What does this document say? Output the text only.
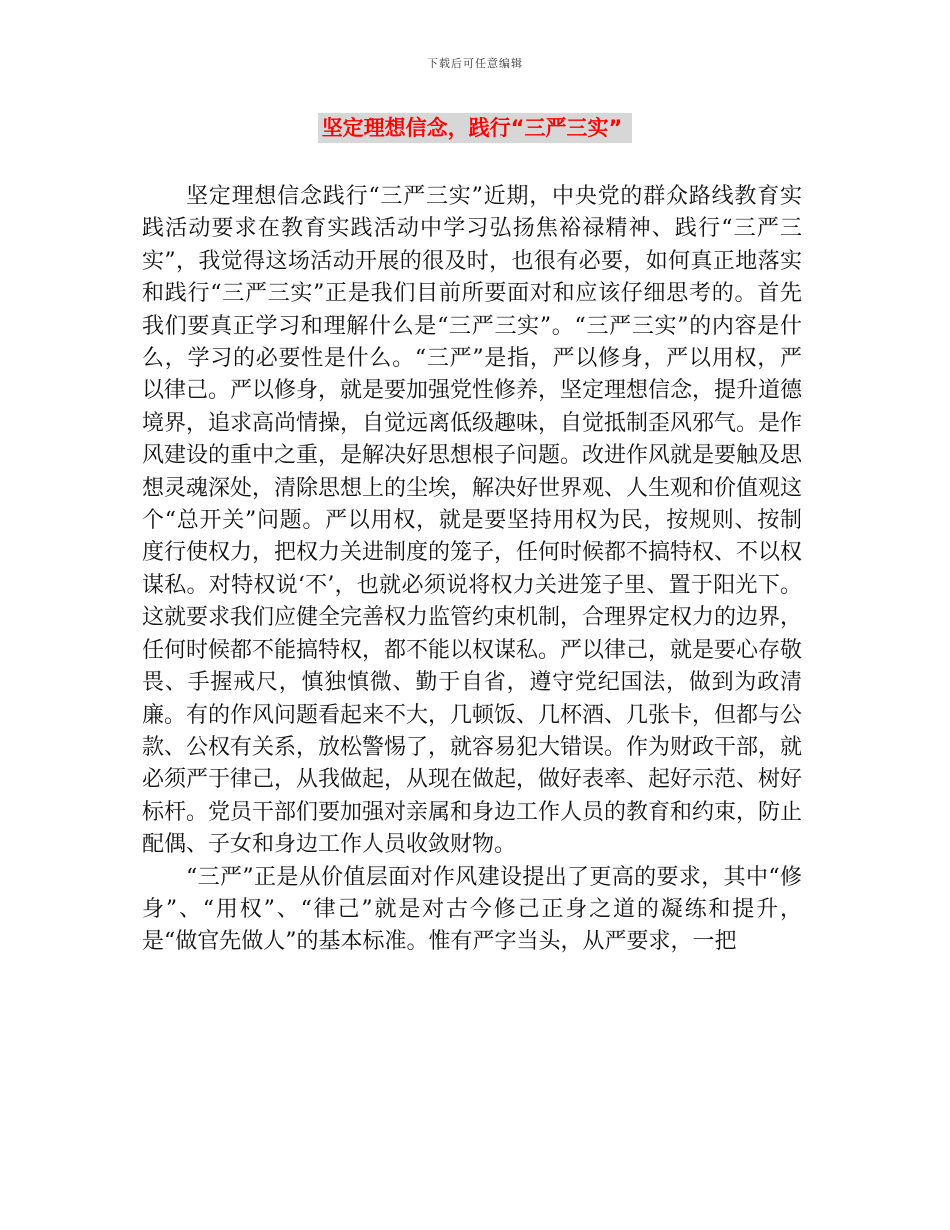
下载后可任意编辑
坚定理想信念，践行“三严三实”

坚定理想信念践行“三严三实”近期，中央党的群众路线教育实践活动要求在教育实践活动中学习弘扬焦裕禄精神、践行“三严三实”，我觉得这场活动开展的很及时，也很有必要，如何真正地落实和践行“三严三实”正是我们目前所要面对和应该仔细思考的。首先我们要真正学习和理解什么是“三严三实”。“三严三实”的内容是什么，学习的必要性是什么。“三严”是指，严以修身，严以用权，严以律己。严以修身，就是要加强党性修养，坚定理想信念，提升道德境界，追求高尚情操，自觉远离低级趣味，自觉抵制歪风邪气。是作风建设的重中之重，是解决好思想根子问题。改进作风就是要触及思想灵魂深处，清除思想上的尘埃，解决好世界观、人生观和价值观这个“总开关”问题。严以用权，就是要坚持用权为民，按规则、按制度行使权力，把权力关进制度的笼子，任何时候都不搞特权、不以权谋私。对特权说‘不’，也就必须说将权力关进笼子里、置于阳光下。这就要求我们应健全完善权力监管约束机制，合理界定权力的边界，任何时候都不能搞特权，都不能以权谋私。严以律己，就是要心存敬畏、手握戒尺，慎独慎微、勤于自省，遵守党纪国法，做到为政清廉。有的作风问题看起来不大，几顿饭、几杯酒、几张卡，但都与公款、公权有关系，放松警惕了，就容易犯大错误。作为财政干部，就必须严于律己，从我做起，从现在做起，做好表率、起好示范、树好标杆。党员干部们要加强对亲属和身边工作人员的教育和约束，防止配偶、子女和身边工作人员收敛财物。

“三严”正是从价值层面对作风建设提出了更高的要求，其中“修身”、“用权”、“律己”就是对古今修己正身之道的凝练和提升，是“做官先做人”的基本标准。惟有严字当头，从严要求，一把
